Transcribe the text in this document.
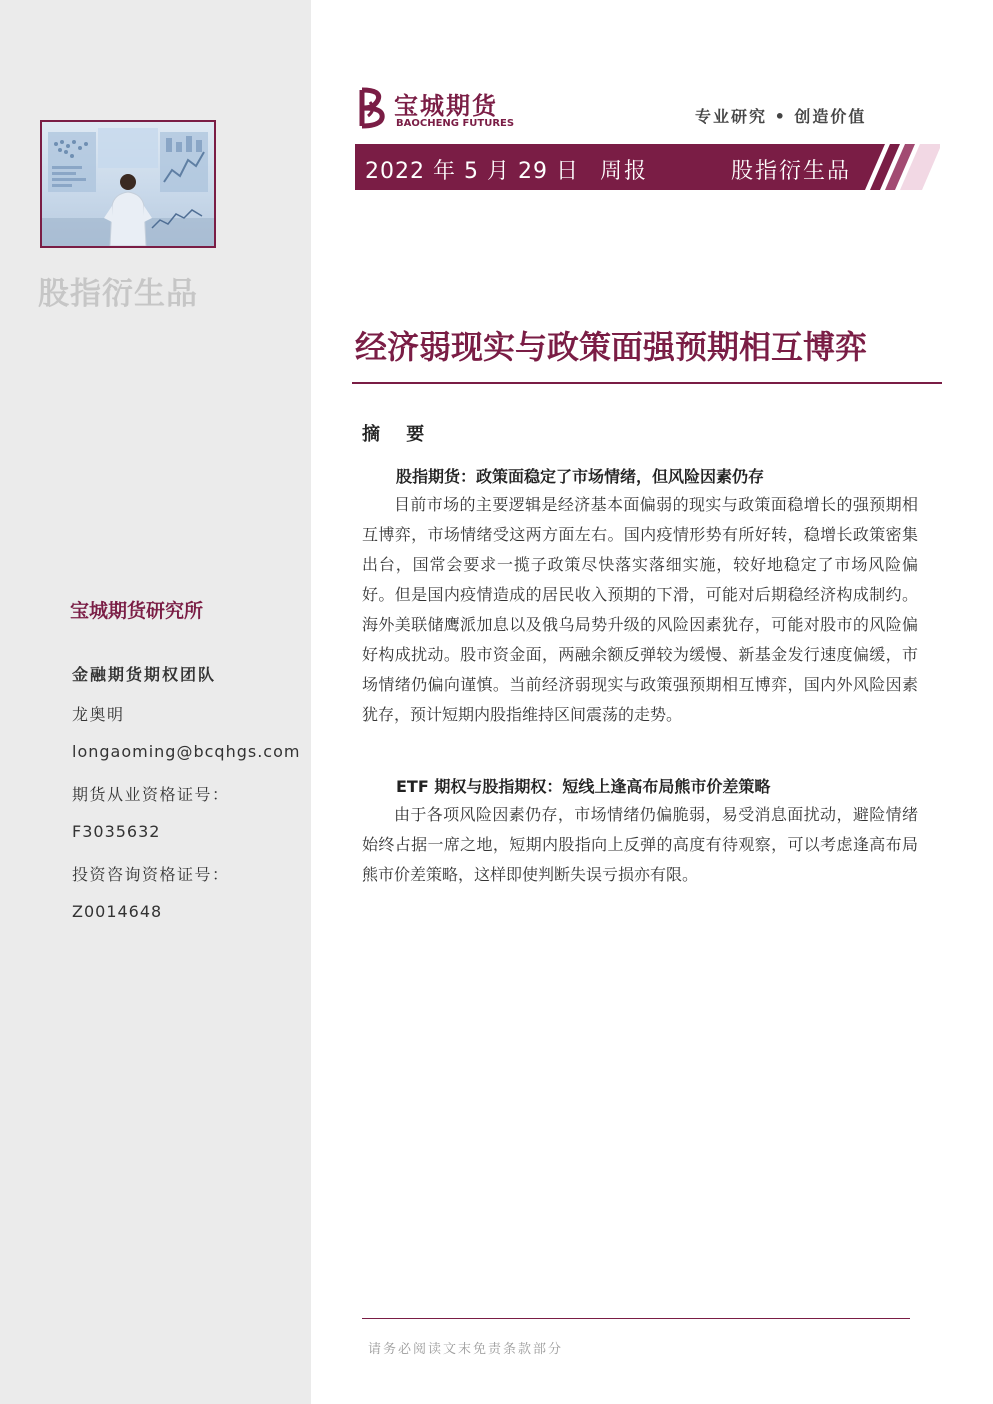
股指衍生品
宝城期货研究所
金融期货期权团队
龙奥明
longaoming@bcqhgs.com
期货从业资格证号：
F3035632
投资咨询资格证号：
Z0014648
宝城期货
BAOCHENG FUTURES	专业研究 • 创造价值
2022 年 5 月 29 日 周报	股指衍生品
经济弱现实与政策面强预期相互博弈
摘 要
股指期货：政策面稳定了市场情绪，但风险因素仍存

目前市场的主要逻辑是经济基本面偏弱的现实与政策面稳增长的强预期相互博弈，市场情绪受这两方面左右。国内疫情形势有所好转，稳增长政策密集出台，国常会要求一揽子政策尽快落实落细实施，较好地稳定了市场风险偏好。但是国内疫情造成的居民收入预期的下滑，可能对后期稳经济构成制约。海外美联储鹰派加息以及俄乌局势升级的风险因素犹存，可能对股市的风险偏好构成扰动。股市资金面，两融余额反弹较为缓慢、新基金发行速度偏缓，市场情绪仍偏向谨慎。当前经济弱现实与政策强预期相互博弈，国内外风险因素犹存，预计短期内股指维持区间震荡的走势。

ETF 期权与股指期权：短线上逢高布局熊市价差策略

由于各项风险因素仍存，市场情绪仍偏脆弱，易受消息面扰动，避险情绪始终占据一席之地，短期内股指向上反弹的高度有待观察，可以考虑逢高布局熊市价差策略，这样即使判断失误亏损亦有限。

请务必阅读文末免责条款部分
